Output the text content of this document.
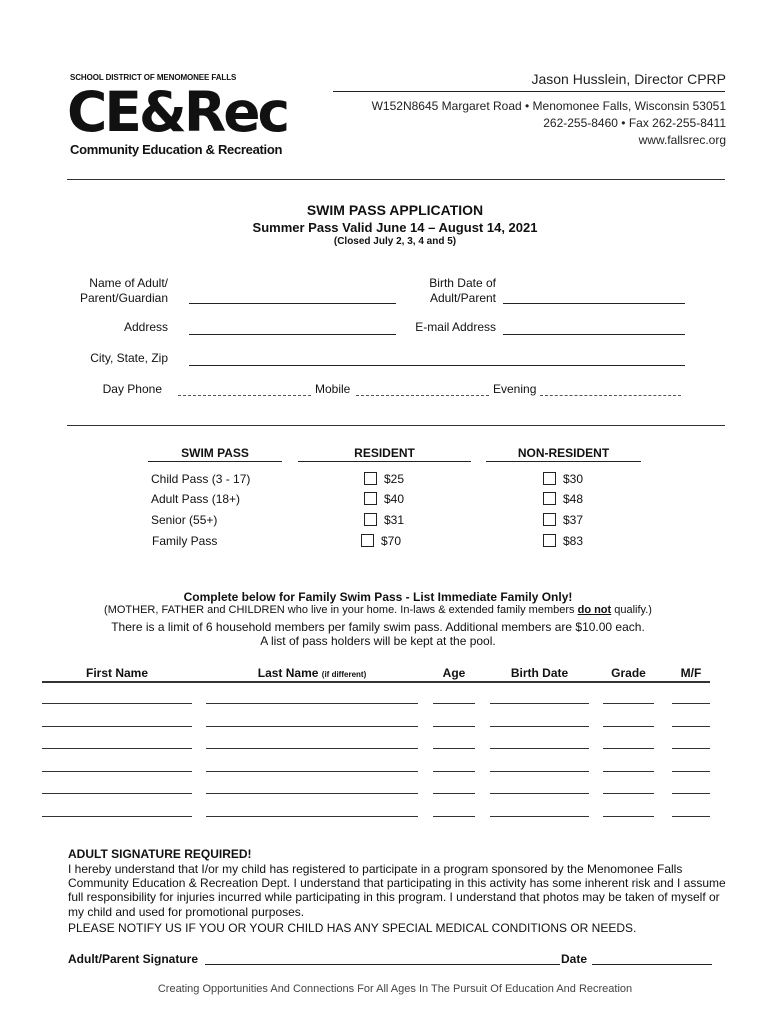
SCHOOL DISTRICT OF MENOMONEE FALLS
CE&Rec
Community Education & Recreation
Jason Husslein, Director CPRP
W152N8645 Margaret Road • Menomonee Falls, Wisconsin 53051
262-255-8460 • Fax 262-255-8411
www.fallsrec.org
SWIM PASS APPLICATION
Summer Pass Valid June 14 – August 14, 2021
(Closed July 2, 3, 4 and 5)
Name of Adult/
Parent/Guardian
Birth Date of
Adult/Parent
Address	E-mail Address
City, State, Zip
Day Phone	Mobile	Evening
SWIM PASS	RESIDENT	NON-RESIDENT
Child Pass (3 - 17)	$25	$30
Adult Pass (18+)	$40	$48
Senior (55+)	$31	$37
Family Pass	$70	$83
Complete below for Family Swim Pass - List Immediate Family Only!
(MOTHER, FATHER and CHILDREN who live in your home. In-laws & extended family members do not qualify.)
There is a limit of 6 household members per family swim pass. Additional members are $10.00 each.
A list of pass holders will be kept at the pool.
First Name	Last Name (if different)	Age	Birth Date	Grade	M/F
ADULT SIGNATURE REQUIRED!
I hereby understand that I/or my child has registered to participate in a program sponsored by the Menomonee Falls Community Education & Recreation Dept. I understand that participating in this activity has some inherent risk and I assume full responsibility for injuries incurred while participating in this program. I understand that photos may be taken of myself or my child and used for promotional purposes.
PLEASE NOTIFY US IF YOU OR YOUR CHILD HAS ANY SPECIAL MEDICAL CONDITIONS OR NEEDS.
Adult/Parent Signature	Date
Creating Opportunities And Connections For All Ages In The Pursuit Of Education And Recreation
